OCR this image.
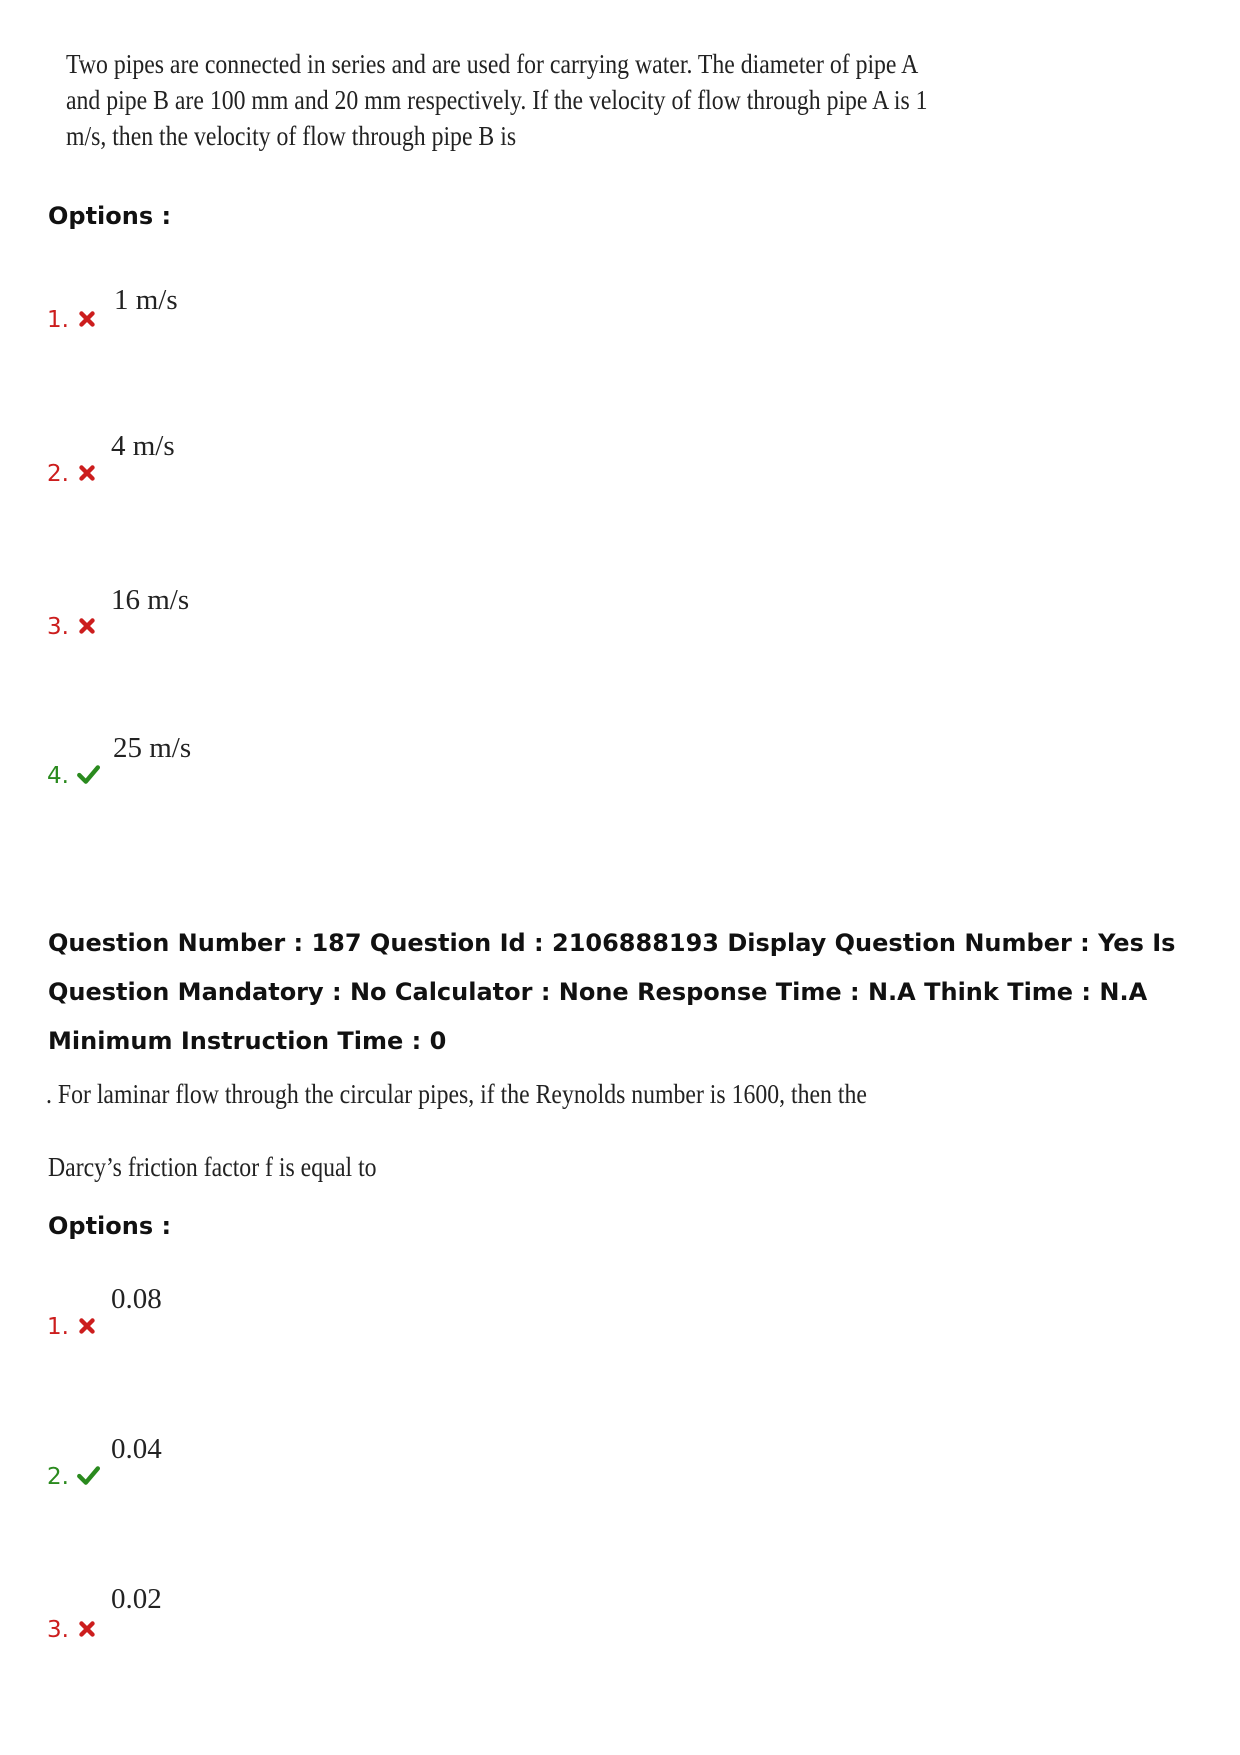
Two pipes are connected in series and are used for carrying water. The diameter of pipe A
and pipe B are 100 mm and 20 mm respectively. If the velocity of flow through pipe A is 1
m/s, then the velocity of flow through pipe B is
Options :
1.
1 m/s
2.
4 m/s
3.
16 m/s
4.
25 m/s
Question Number : 187 Question Id : 2106888193 Display Question Number : Yes Is Question Mandatory : No Calculator : None Response Time : N.A Think Time : N.A Minimum Instruction Time : 0
. For laminar flow through the circular pipes, if the Reynolds number is 1600, then the
Darcy’s friction factor f is equal to
Options :
1.
0.08
2.
0.04
3.
0.02
